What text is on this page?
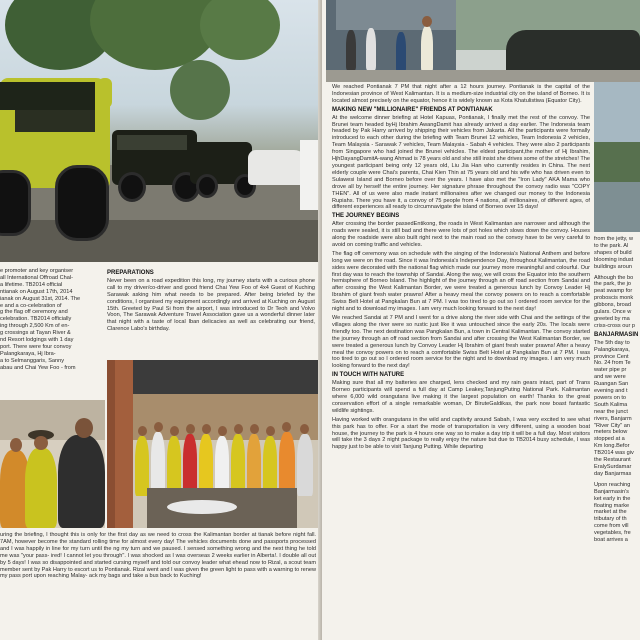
e promoter and key organiser
all International Offroad Chal-
a lifetime. TB2014 official
ntianak on August 17th, 2014
ianak on August 31st, 2014. The
e and a co-celebration of
g the flag off ceremony and
celebration. TB2014 officially
ing through 2,500 Km of en-
g crossings at Tayan River &
nd Resort lodgings with 1 day
port. There were four convoy
Palangkaraya, Hj Ibra-
a to Selmanggaris, Sanny
abau and Chai Yew Foo - from
PREPARATIONS

Never been on a road expedition this long, my journey starts with a curious phone call to my driver/co-driver and good friend Chai Yew Foo of 4x4 Guest of Kuching Sarawak asking him what needs to be prepared. After being briefed by the conditions, I organised my equipment accordingly and arrived at Kuching on August 15th. Greeted by Paul Si from the airport, I was introduced to Dr Teoh and Volvo Voon, The Sarawak Adventure Travel Association gave us a wonderful dinner later that night with a taste of local Iban delicacies as well as celebrating our friend, Clarence Labo's birthday.

uring the briefing, I thought this is only for the first day as we need to cross the Kalimantan border at tianak before night fall. 7AM, however become the standard rolling time for almost every day! The vehicles documents done and passports processed and I was happily in line for my turn until the ng my turn and we paused. I sensed something wrong and the next thing he told me was "your pass- ired! I cannot let you through". I was shocked as I was overseas 2 weeks earlier in Alberta!. I double all out by 5 days! I was so disappointed and started cursing myself and told our convoy leader what ehead now to Rizal, a scout team member sent by Pak Harry to escort us to Pontianak. Rizal went and I was given the green light to pass with a warning to renew my pass port upon reaching Malay- ack my bags and take a bus back to Kuching!

We reached Pontianak 7 PM that night after a 12 hours journey. Pontianak is the capital of the Indonesian province of West Kalimantan. It is a medium-size industrial city on the island of Borneo. It is located almost precisely on the equator, hence it is widely known as Kota Khatulistiwa (Equator City).

MAKING NEW "MILLIONAIRE" FRIENDS AT PONTIANAK

At the welcome dinner briefing at Hotel Kapuas, Pontianak, I finally met the rest of the convoy. The Brunei team headed byHj Ibrahim AwangDamit has already arrived a day earlier. The Indonesia team headed by Pak Harry arrived by shipping their vehicles from Jakarta. All the participants were formally introduced to each other during the briefing with Team Brunei 12 vehicles, Team Indonesia 2 vehicles, Team Malaysia - Sarawak 7 vehicles, Team Malaysia - Sabah 4 vehicles. They were also 2 participants from Singapore who had joined the Brunei vehicles. The eldest participant,the mother of Hj Ibrahim, HjhDayangDamitA-wang Ahmad is 78 years old and she still insist she drives some of the stretches! The youngest participant being only 12 years old, Liu Jia Han who currently resides in China. The next elderly couple were Chai's parents, Chai Kien Thin at 75 years old and his wife who has driven even to Sulawesi Island and Borneo before over the years. I have also met the "Iron Lady" AKA Mama who drove all by herself the entire journey. Her signature phrase throughout the convoy radio was "COPY THEN". All of us were also made instant millionaires after we changed our money to the Indonesia Rupiahs. There you have it, a convoy of 75 people from 4 nations, all millionaires, of different ages, of different experiences all ready to circumnavigate the island of Borneo over 15 days!

THE JOURNEY BEGINS

After crossing the border passedEntikong, the roads in West Kalimantan are narrower and although the roads were sealed, it is still bad and there were lots of pot holes which slows down the convoy. Houses along the roadside were also built right next to the main road so the convoy have to be very careful to avoid on coming traffic and vehicles.

The flag off ceremony was on schedule with the singing of the Indonesia's National Anthem and before long we were on the road. Since it was Indonesia's Independence Day, throughout Kalimantan, the road sides were decorated with the national flag which made our journey more meaningful and colourful. Our first day was to reach the township of Sandai. Along the way, we will cross the Equator into the southern hemisphere of Borneo Island. The highlight of the journey through an off road section from Sandai and after crossing the West Kalimantan Border, we were treated a generous lunch by Convoy Leader Hj Ibrahim of giant fresh water prawns! After a heavy meal the convoy powers on to reach a comfortable Swiss Belt Hotel at Pangkalan Bun at 7 PM. I was too tired to go out so I ordered room service for the night and to download my images. I am very much looking forward to the next day!

We reached Sandai at 7 PM and I went for a drive along the river side with Chai and the settings of the villages along the river were so rustic just like it was untouched since the early 20s. The locals were friendly too. The next destination was Pangkalan Bun, a town in Central Kalimantan. The convoy started the journey through an off road section from Sandai and after crossing the West Kalimantan Border, we were treated a generous lunch by Convoy Leader Hj Ibrahim of giant fresh water prawns! After a heavy meal the convoy powers on to reach a comfortable Swiss Belt Hotel at Pangkalan Bun at 7 PM. I was too tired to go out so I ordered room service for the night and to download my images. I am very much looking forward to the next day!

IN TOUCH WITH NATURE

Making sure that all my batteries are charged, lens checked and my rain gears intact, part of Trans Borneo participants will spend a full day at Camp Leakey,TanjungPuting National Park. Kalimantan where 6,000 wild orangutans live making it the largest population on earth! Thanks to the great conservation effort of a single remarkable woman, Dr BiruteGaldikas, the park now boast fantastic wildlife sightings.

Having worked with orangutans in the wild and captivity around Sabah, I was very excited to see what this park has to offer. For a start the mode of transportation is very different, using a wooden boat house, the journey to the park is 4 hours one way so to make a day trip it will be a full day. Most visitors will take the 3 days 2 night package to really enjoy the nature but due to TB2014 busy schedule, I was happy just to be able to visit Tanjung Putting. While departing

from the jetty, w
to the park. Al
shapes of build
blooming indust
buildings aroun
Although the bo
the park, the jo
peat swamp for
proboscis monk
gibbons, broad
gulars. Once w
greeted by ma
criss-cross our p
BANJARMASIN
The 5th day to
Palangkaraya,
province Cent
No. 24 from Te
water pipe pr
and we were
Ruangan San
evening and t
powers on to
South Kalima
near the junct
rivers, Banjarm
"River City" an
meters below
stopped at a
Km long.Befor
TB2014 was giv
the Restaurant
EralySurdamar
day Banjarmas
Upon reaching
Banjarmasin's
ket early in the
floating marke
market at the
tributary of th
come from vill
vegetables, fre
boat arrives a
